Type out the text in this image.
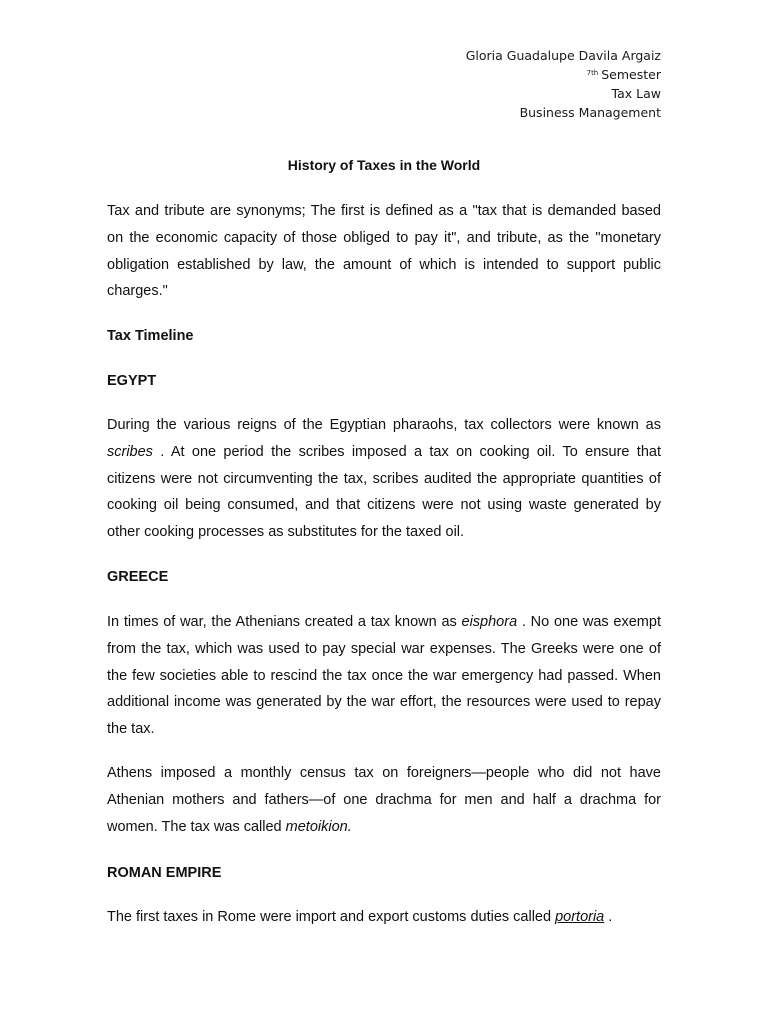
Gloria Guadalupe Davila Argaiz
$^{7th}$ Semester
Tax Law
Business Management
History of Taxes in the World

Tax and tribute are synonyms; The first is defined as a "tax that is demanded based on the economic capacity of those obliged to pay it", and tribute, as the "monetary obligation established by law, the amount of which is intended to support public charges."

Tax Timeline

EGYPT

During the various reigns of the Egyptian pharaohs, tax collectors were known as scribes . At one period the scribes imposed a tax on cooking oil. To ensure that citizens were not circumventing the tax, scribes audited the appropriate quantities of cooking oil being consumed, and that citizens were not using waste generated by other cooking processes as substitutes for the taxed oil.

GREECE

In times of war, the Athenians created a tax known as eisphora . No one was exempt from the tax, which was used to pay special war expenses. The Greeks were one of the few societies able to rescind the tax once the war emergency had passed. When additional income was generated by the war effort, the resources were used to repay the tax.

Athens imposed a monthly census tax on foreigners—people who did not have Athenian mothers and fathers—of one drachma for men and half a drachma for women. The tax was called metoikion.

ROMAN EMPIRE

The first taxes in Rome were import and export customs duties called portoria .
